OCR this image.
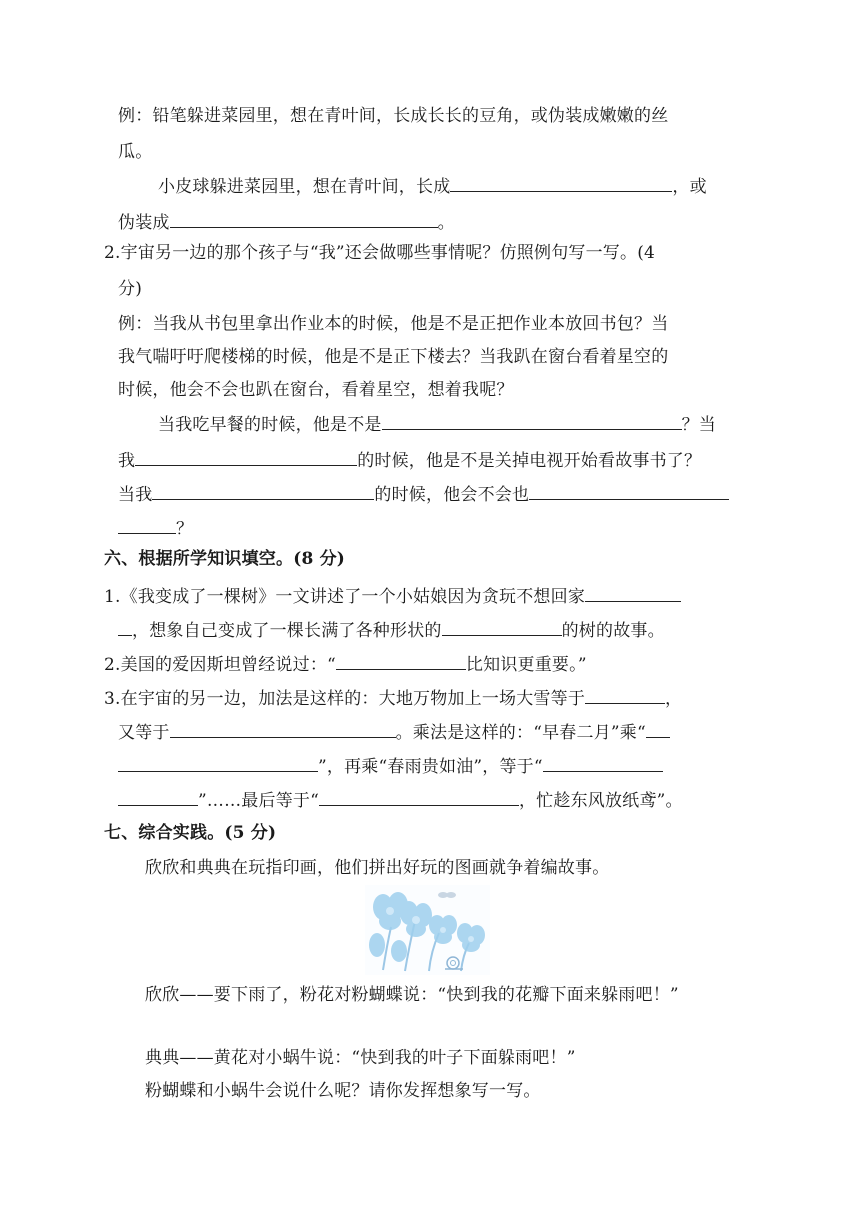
例：铅笔躲进菜园里，想在青叶间，长成长长的豆角，或伪装成嫩嫩的丝
瓜。
小皮球躲进菜园里，想在青叶间，长成	，或
伪装成	。
2.宇宙另一边的那个孩子与“我”还会做哪些事情呢？仿照例句写一写。(4
分)
例：当我从书包里拿出作业本的时候，他是不是正把作业本放回书包？当
我气喘吁吁爬楼梯的时候，他是不是正下楼去？当我趴在窗台看着星空的
时候，他会不会也趴在窗台，看着星空，想着我呢？
当我吃早餐的时候，他是不是	？当
我	的时候，他是不是关掉电视开始看故事书了？
当我	的时候，他会不会也
？
六、根据所学知识填空。(8 分)
1.《我变成了一棵树》一文讲述了一个小姑娘因为贪玩不想回家
，想象自己变成了一棵长满了各种形状的	的树的故事。
2.美国的爱因斯坦曾经说过：“	比知识更重要。”
3.在宇宙的另一边，加法是这样的：大地万物加上一场大雪等于	，
又等于	。乘法是这样的：“早春二月”乘“
”，再乘“春雨贵如油”，等于“
”……最后等于“	，忙趁东风放纸鸢”。
七、综合实践。(5 分)
欣欣和典典在玩指印画，他们拼出好玩的图画就争着编故事。
欣欣——要下雨了，粉花对粉蝴蝶说：“快到我的花瓣下面来躲雨吧！”
典典——黄花对小蜗牛说：“快到我的叶子下面躲雨吧！”
粉蝴蝶和小蜗牛会说什么呢？请你发挥想象写一写。
